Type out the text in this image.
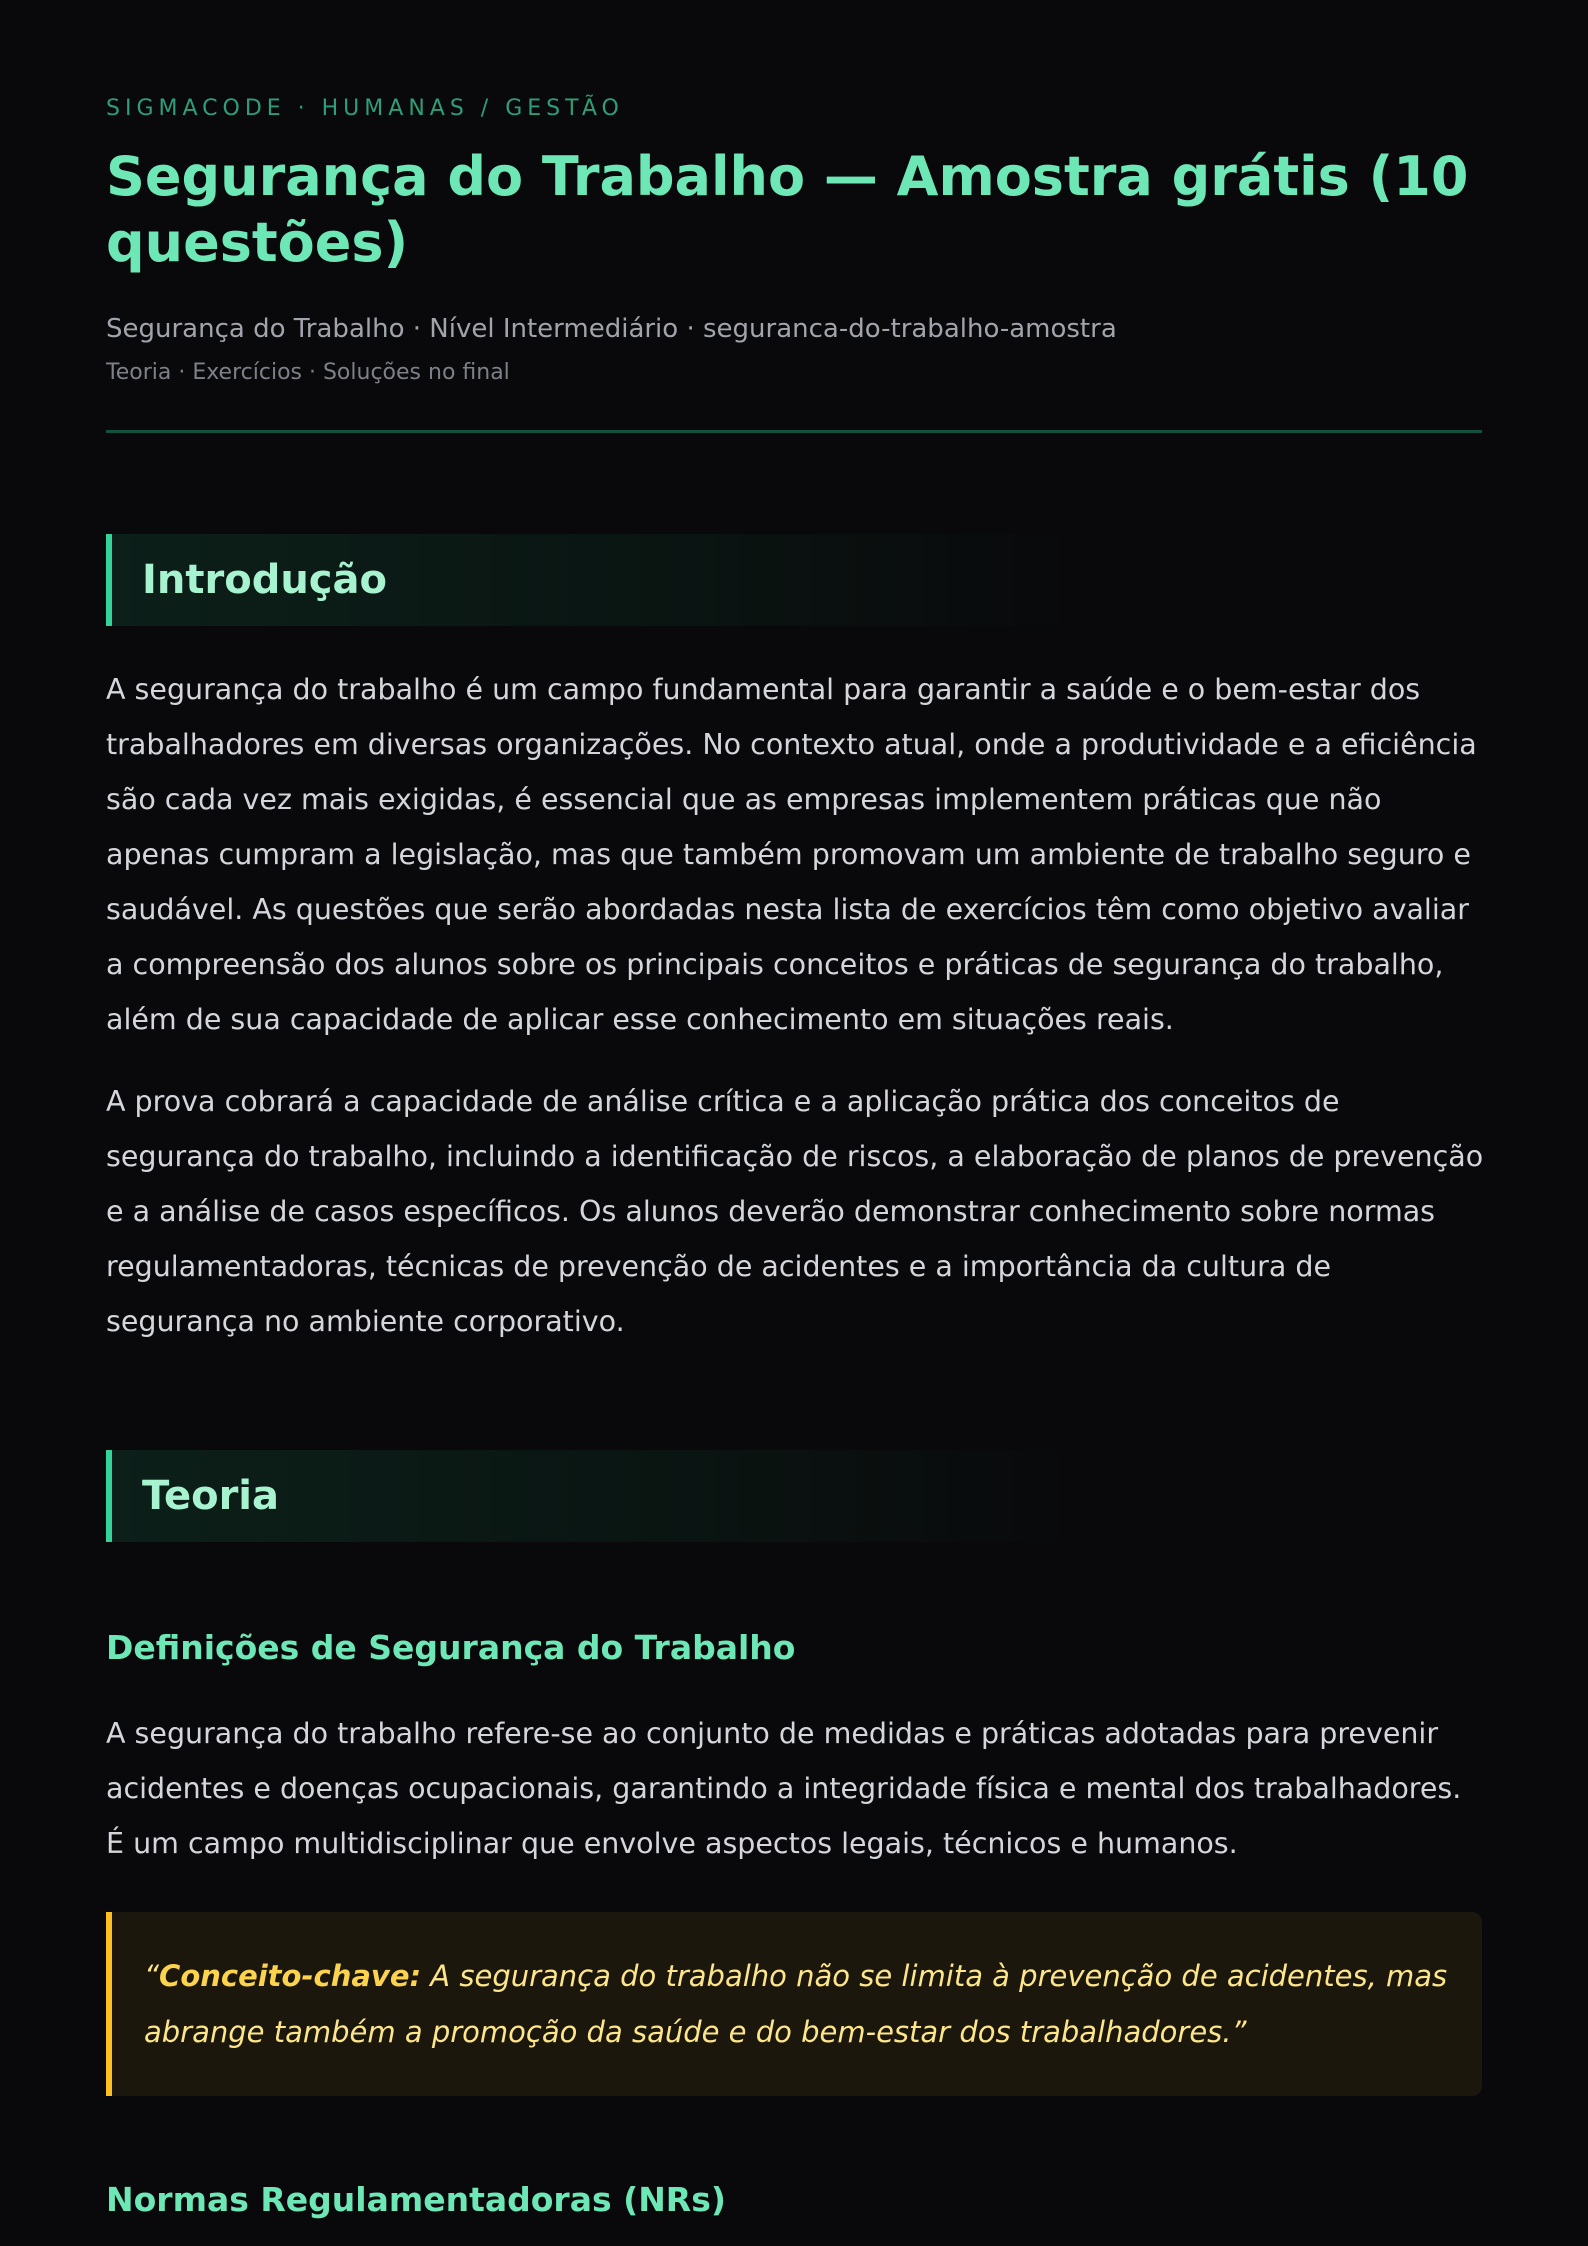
SIGMACODE · HUMANAS / GESTÃO
Segurança do Trabalho — Amostra grátis (10 questões)
Segurança do Trabalho · Nível Intermediário · seguranca-do-trabalho-amostra
Teoria · Exercícios · Soluções no final
Introdução

A segurança do trabalho é um campo fundamental para garantir a saúde e o bem-estar dos trabalhadores em diversas organizações. No contexto atual, onde a produtividade e a eficiência são cada vez mais exigidas, é essencial que as empresas implementem práticas que não apenas cumpram a legislação, mas que também promovam um ambiente de trabalho seguro e saudável. As questões que serão abordadas nesta lista de exercícios têm como objetivo avaliar a compreensão dos alunos sobre os principais conceitos e práticas de segurança do trabalho, além de sua capacidade de aplicar esse conhecimento em situações reais.

A prova cobrará a capacidade de análise crítica e a aplicação prática dos conceitos de segurança do trabalho, incluindo a identificação de riscos, a elaboração de planos de prevenção e a análise de casos específicos. Os alunos deverão demonstrar conhecimento sobre normas regulamentadoras, técnicas de prevenção de acidentes e a importância da cultura de segurança no ambiente corporativo.

Teoria
Definições de Segurança do Trabalho

A segurança do trabalho refere-se ao conjunto de medidas e práticas adotadas para prevenir acidentes e doenças ocupacionais, garantindo a integridade física e mental dos trabalhadores. É um campo multidisciplinar que envolve aspectos legais, técnicos e humanos.

“Conceito-chave: A segurança do trabalho não se limita à prevenção de acidentes, mas abrange também a promoção da saúde e do bem-estar dos trabalhadores.”
Normas Regulamentadoras (NRs)
